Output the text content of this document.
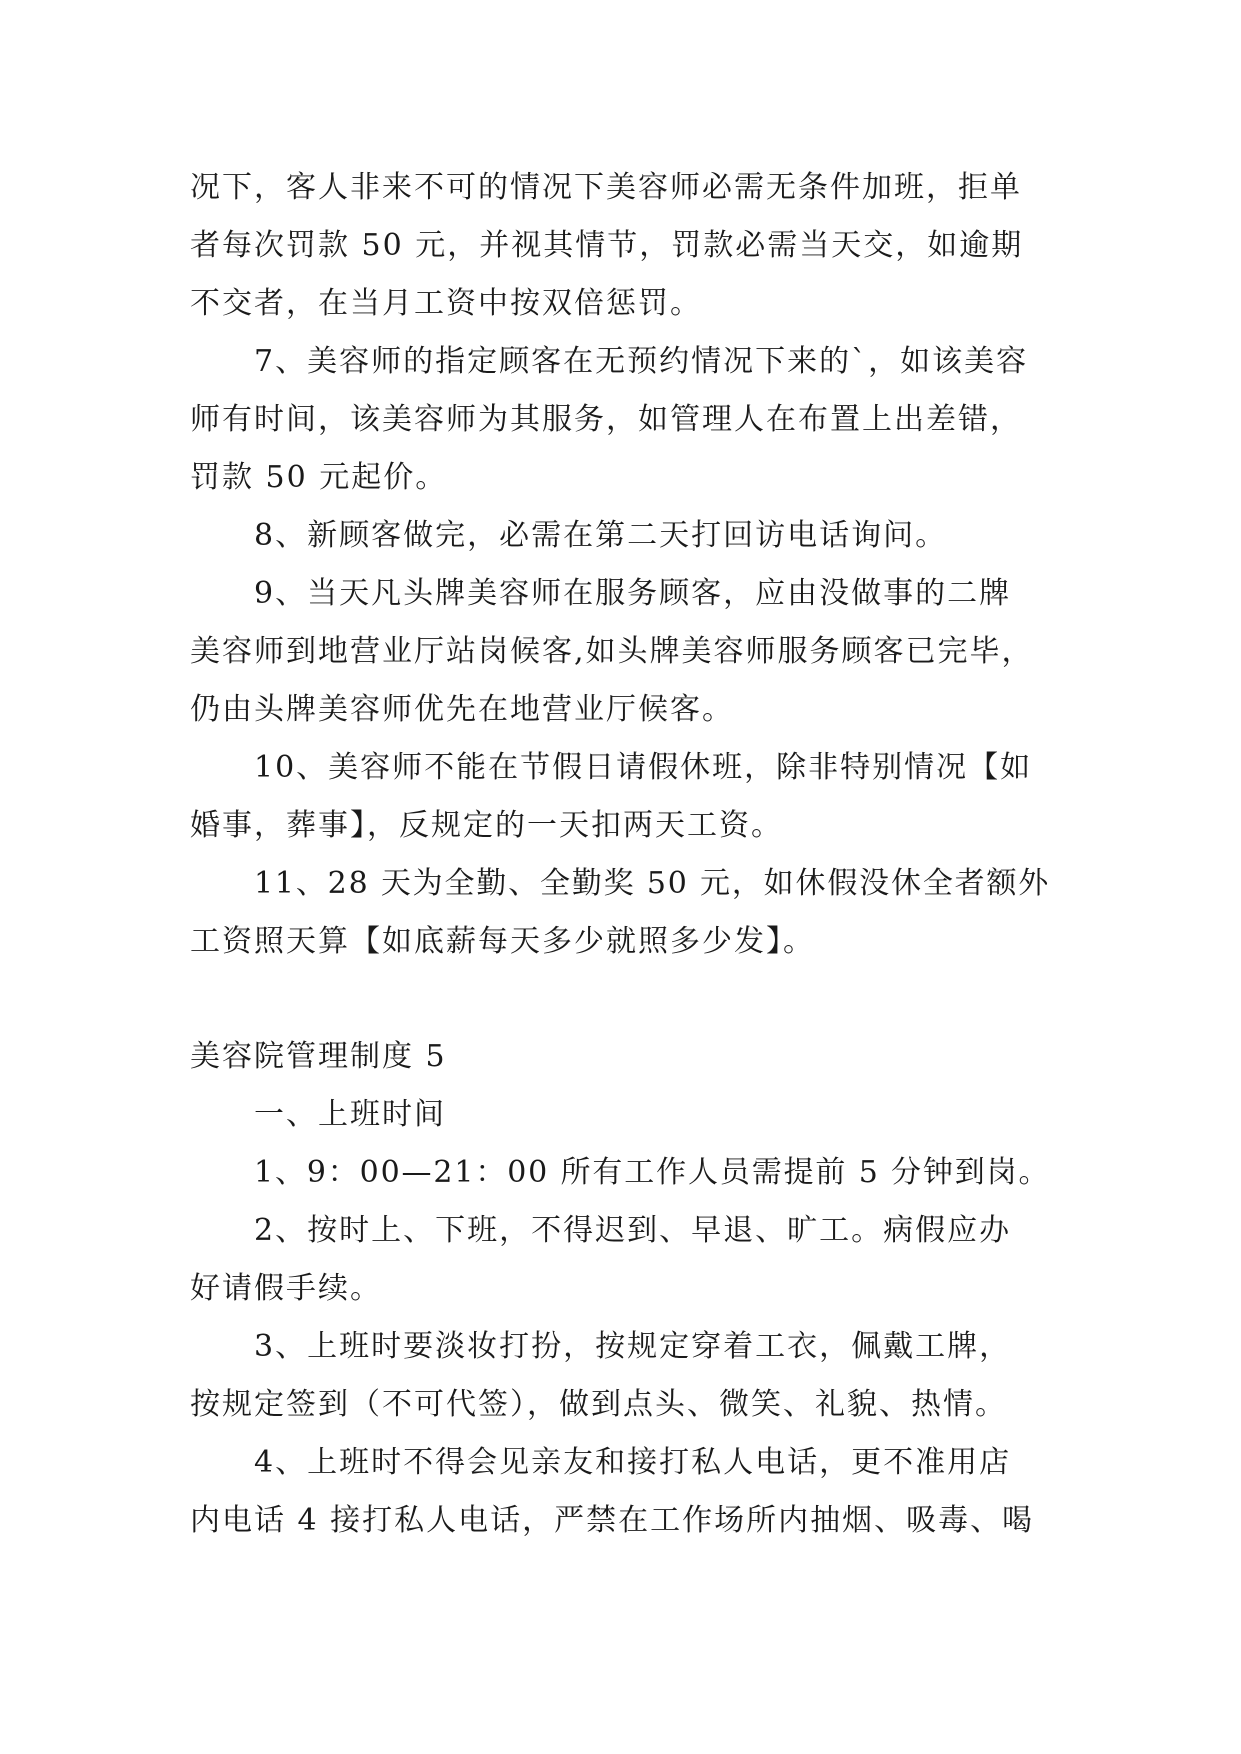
况下，客人非来不可的情况下美容师必需无条件加班，拒单
者每次罚款 50 元，并视其情节，罚款必需当天交，如逾期
不交者，在当月工资中按双倍惩罚。
7、美容师的指定顾客在无预约情况下来的`，如该美容
师有时间，该美容师为其服务，如管理人在布置上出差错，
罚款 50 元起价。
8、新顾客做完，必需在第二天打回访电话询问。
9、当天凡头牌美容师在服务顾客，应由没做事的二牌
美容师到地营业厅站岗候客,如头牌美容师服务顾客已完毕，
仍由头牌美容师优先在地营业厅候客。
10、美容师不能在节假日请假休班，除非特别情况【如
婚事，葬事】，反规定的一天扣两天工资。
11、28 天为全勤、全勤奖 50 元，如休假没休全者额外
工资照天算【如底薪每天多少就照多少发】。
美容院管理制度 5
一、上班时间
1、9：00—21：00 所有工作人员需提前 5 分钟到岗。
2、按时上、下班，不得迟到、早退、旷工。病假应办
好请假手续。
3、上班时要淡妆打扮，按规定穿着工衣，佩戴工牌，
按规定签到（不可代签），做到点头、微笑、礼貌、热情。
4、上班时不得会见亲友和接打私人电话，更不准用店
内电话 4 接打私人电话，严禁在工作场所内抽烟、吸毒、喝
